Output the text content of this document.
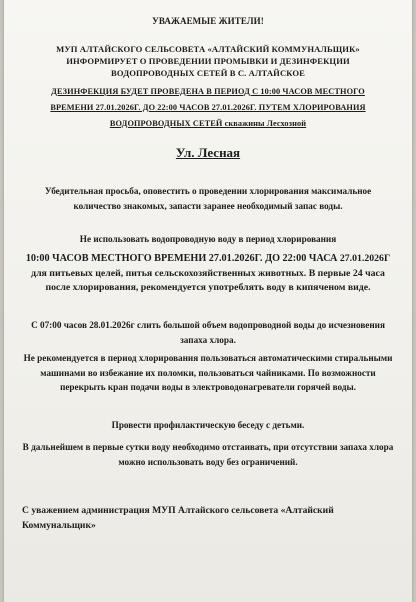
УВАЖАЕМЫЕ ЖИТЕЛИ!
МУП АЛТАЙСКОГО СЕЛЬСОВЕТА «АЛТАЙСКИЙ КОММУНАЛЬЩИК»
ИНФОРМИРУЕТ О ПРОВЕДЕНИИ ПРОМЫВКИ И ДЕЗИНФЕКЦИИ
ВОДОПРОВОДНЫХ СЕТЕЙ В С. АЛТАЙСКОЕ
ДЕЗИНФЕКЦИЯ БУДЕТ ПРОВЕДЕНА В ПЕРИОД С 10:00 ЧАСОВ МЕСТНОГО
ВРЕМЕНИ 27.01.2026Г. ДО 22:00 ЧАСОВ 27.01.2026Г. ПУТЕМ ХЛОРИРОВАНИЯ
ВОДОПРОВОДНЫХ СЕТЕЙ скважины Лесхозной
Ул. Лесная
Убедительная просьба, оповестить о проведении хлорирования максимальное количество знакомых, запасти заранее необходимый запас воды.
Не использовать водопроводную воду в период хлорирования
10:00 ЧАСОВ МЕСТНОГО ВРЕМЕНИ 27.01.2026Г. ДО 22:00 ЧАСА 27.01.2026Г для питьевых целей, питья сельскохозяйственных животных. В первые 24 часа после хлорирования, рекомендуется употреблять воду в кипяченом виде.
С 07:00 часов 28.01.2026г слить большой объем водопроводной воды до исчезновения запаха хлора.
Не рекомендуется в период хлорирования пользоваться автоматическими стиральными машинами во избежание их поломки, пользоваться чайниками. По возможности перекрыть кран подачи воды в электроводонагреватели горячей воды.
Провести профилактическую беседу с детьми.
В дальнейшем в первые сутки воду необходимо отстаивать, при отсутствии запаха хлора можно использовать воду без ограничений.
С уважением администрация МУП Алтайского сельсовета «Алтайский Коммунальщик»
